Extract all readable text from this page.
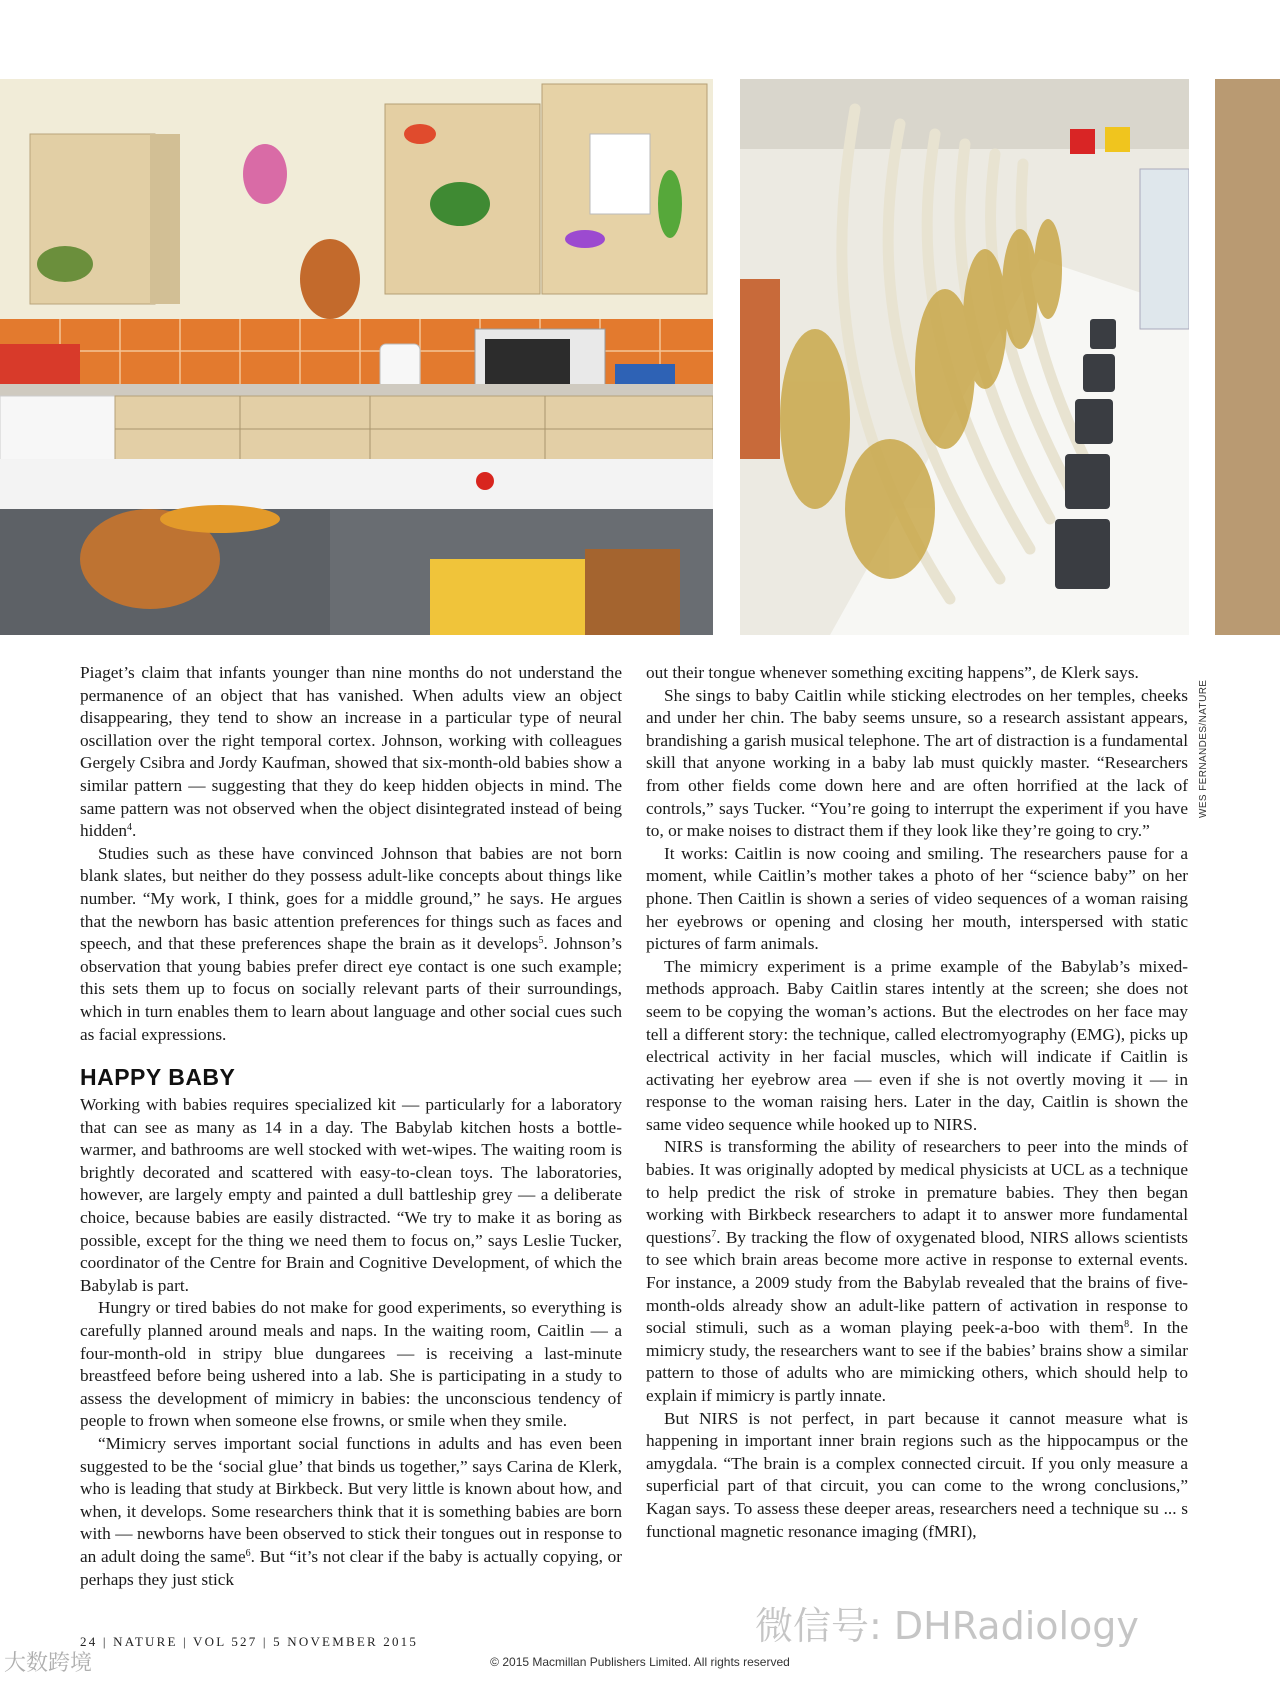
WES FERNANDES/NATURE

Piaget’s claim that infants younger than nine months do not understand the permanence of an object that has vanished. When adults view an object disappearing, they tend to show an increase in a particular type of neural oscillation over the right temporal cortex. Johnson, working with colleagues Gergely Csibra and Jordy Kaufman, showed that six-month-old babies show a similar pattern — suggesting that they do keep hidden objects in mind. The same pattern was not observed when the object disintegrated instead of being hidden$^4$.

Studies such as these have convinced Johnson that babies are not born blank slates, but neither do they possess adult-like concepts about things like number. “My work, I think, goes for a middle ground,” he says. He argues that the newborn has basic attention preferences for things such as faces and speech, and that these preferences shape the brain as it develops$^5$. Johnson’s observation that young babies prefer direct eye contact is one such example; this sets them up to focus on socially relevant parts of their surroundings, which in turn enables them to learn about language and other social cues such as facial expressions.

HAPPY BABY

Working with babies requires specialized kit — particularly for a laboratory that can see as many as 14 in a day. The Babylab kitchen hosts a bottle-warmer, and bathrooms are well stocked with wet-wipes. The waiting room is brightly decorated and scattered with easy-to-clean toys. The laboratories, however, are largely empty and painted a dull battleship grey — a deliberate choice, because babies are easily distracted. “We try to make it as boring as possible, except for the thing we need them to focus on,” says Leslie Tucker, coordinator of the Centre for Brain and Cognitive Development, of which the Babylab is part.

Hungry or tired babies do not make for good experiments, so everything is carefully planned around meals and naps. In the waiting room, Caitlin — a four-month-old in stripy blue dungarees — is receiving a last-minute breastfeed before being ushered into a lab. She is participating in a study to assess the development of mimicry in babies: the unconscious tendency of people to frown when someone else frowns, or smile when they smile.

“Mimicry serves important social functions in adults and has even been suggested to be the ‘social glue’ that binds us together,” says Carina de Klerk, who is leading that study at Birkbeck. But very little is known about how, and when, it develops. Some researchers think that it is something babies are born with — newborns have been observed to stick their tongues out in response to an adult doing the same$^6$. But “it’s not clear if the baby is actually copying, or perhaps they just stick

out their tongue whenever something exciting happens”, de Klerk says.

She sings to baby Caitlin while sticking electrodes on her temples, cheeks and under her chin. The baby seems unsure, so a research assistant appears, brandishing a garish musical telephone. The art of distraction is a fundamental skill that anyone working in a baby lab must quickly master. “Researchers from other fields come down here and are often horrified at the lack of controls,” says Tucker. “You’re going to interrupt the experiment if you have to, or make noises to distract them if they look like they’re going to cry.”

It works: Caitlin is now cooing and smiling. The researchers pause for a moment, while Caitlin’s mother takes a photo of her “science baby” on her phone. Then Caitlin is shown a series of video sequences of a woman raising her eyebrows or opening and closing her mouth, interspersed with static pictures of farm animals.

The mimicry experiment is a prime example of the Babylab’s mixed-methods approach. Baby Caitlin stares intently at the screen; she does not seem to be copying the woman’s actions. But the electrodes on her face may tell a different story: the technique, called electromyography (EMG), picks up electrical activity in her facial muscles, which will indicate if Caitlin is activating her eyebrow area — even if she is not overtly moving it — in response to the woman raising hers. Later in the day, Caitlin is shown the same video sequence while hooked up to NIRS.

NIRS is transforming the ability of researchers to peer into the minds of babies. It was originally adopted by medical physicists at UCL as a technique to help predict the risk of stroke in premature babies. They then began working with Birkbeck researchers to adapt it to answer more fundamental questions$^7$. By tracking the flow of oxygenated blood, NIRS allows scientists to see which brain areas become more active in response to external events. For instance, a 2009 study from the Babylab revealed that the brains of five-month-olds already show an adult-like pattern of activation in response to social stimuli, such as a woman playing peek-a-boo with them$^8$. In the mimicry study, the researchers want to see if the babies’ brains show a similar pattern to those of adults who are mimicking others, which should help to explain if mimicry is partly innate.

But NIRS is not perfect, in part because it cannot measure what is happening in important inner brain regions such as the hippocampus or the amygdala. “The brain is a complex connected circuit. If you only measure a superficial part of that circuit, you can come to the wrong conclusions,” Kagan says. To assess these deeper areas, researchers need a technique su ... s functional magnetic resonance imaging (fMRI),

24 | NATURE | VOL 527 | 5 NOVEMBER 2015
© 2015 Macmillan Publishers Limited. All rights reserved
微信号: DHRadiology
大数跨境
